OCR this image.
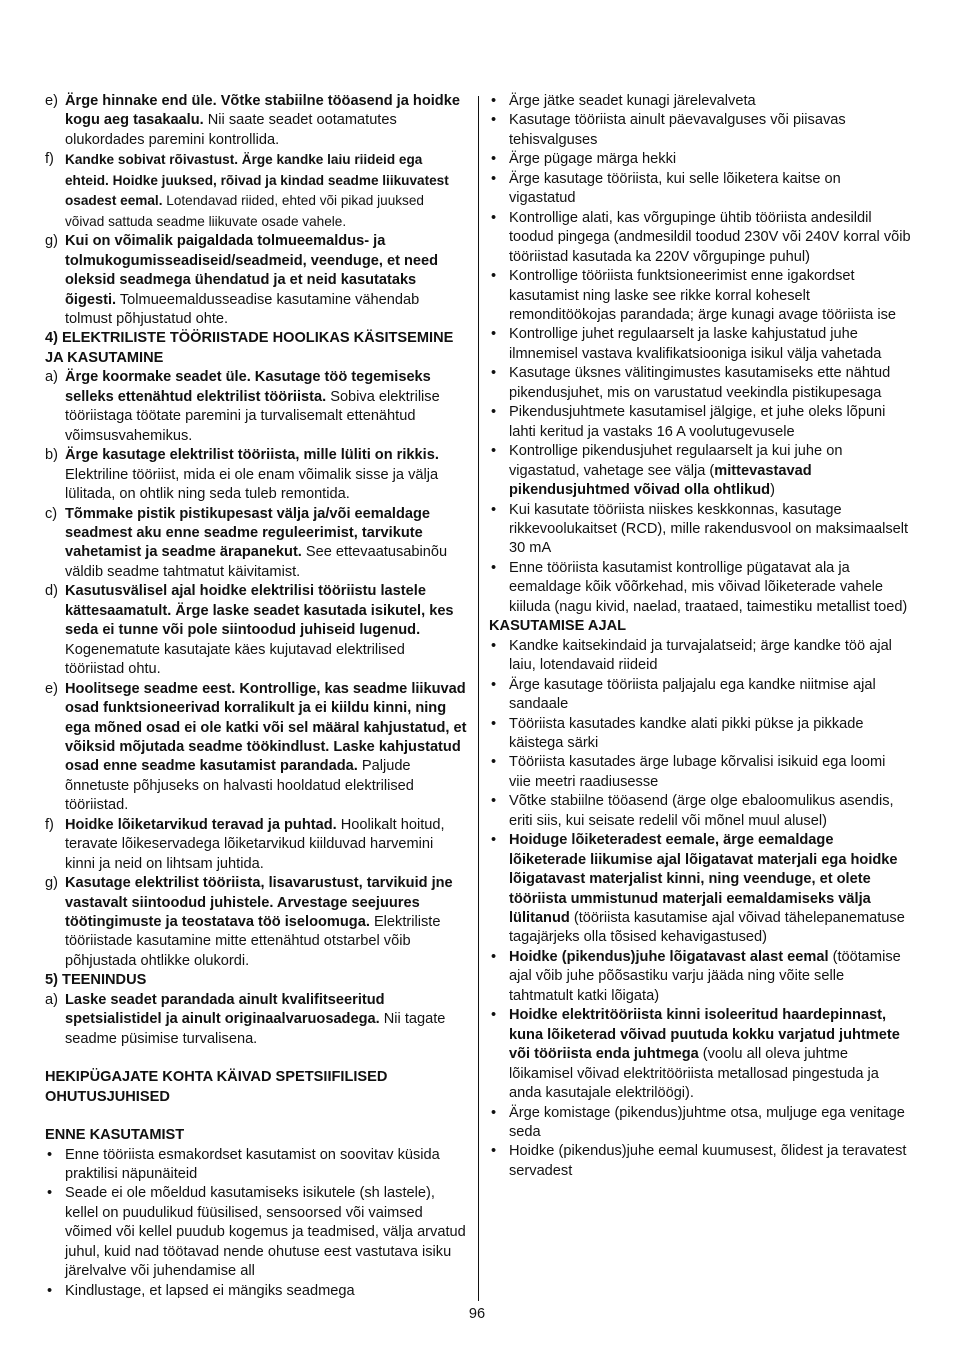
e) Ärge hinnake end üle. Võtke stabiilne tööasend ja hoidke kogu aeg tasakaalu. Nii saate seadet ootamatutes olukordades paremini kontrollida.
f) Kandke sobivat rõivastust. Ärge kandke laiu riideid ega ehteid. Hoidke juuksed, rõivad ja kindad seadme liikuvatest osadest eemal. Lotendavad riided, ehted või pikad juuksed võivad sattuda seadme liikuvate osade vahele.
g) Kui on võimalik paigaldada tolmueemaldus- ja tolmukogumisseadiseid/seadmeid, veenduge, et need oleksid seadmega ühendatud ja et neid kasutataks õigesti. Tolmueemaldusseadise kasutamine vähendab tolmust põhjustatud ohte.
4) ELEKTRILISTE TÖÖRIISTADE HOOLIKAS KÄSITSEMINE JA KASUTAMINE
a) Ärge koormake seadet üle. Kasutage töö tegemiseks selleks ettenähtud elektrilist tööriista. Sobiva elektrilise tööriistaga töötate paremini ja turvalisemalt ettenähtud võimsusvahemikus.
b) Ärge kasutage elektrilist tööriista, mille lüliti on rikkis. Elektriline tööriist, mida ei ole enam võimalik sisse ja välja lülitada, on ohtlik ning seda tuleb remontida.
c) Tõmmake pistik pistikupesast välja ja/või eemaldage seadmest aku enne seadme reguleerimist, tarvikute vahetamist ja seadme ärapanekut. See ettevaatusabinõu väldib seadme tahtmatut käivitamist.
d) Kasutusvälisel ajal hoidke elektrilisi tööriistu lastele kättesaamatult. Ärge laske seadet kasutada isikutel, kes seda ei tunne või pole siintoodud juhiseid lugenud. Kogenematute kasutajate käes kujutavad elektrilised tööriistad ohtu.
e) Hoolitsege seadme eest. Kontrollige, kas seadme liikuvad osad funktsioneerivad korralikult ja ei kiildu kinni, ning ega mõned osad ei ole katki või sel määral kahjustatud, et võiksid mõjutada seadme töökindlust. Laske kahjustatud osad enne seadme kasutamist parandada. Paljude õnnetuste põhjuseks on halvasti hooldatud elektrilised tööriistad.
f) Hoidke lõiketarvikud teravad ja puhtad. Hoolikalt hoitud, teravate lõikeservadega lõiketarvikud kiilduvad harvemini kinni ja neid on lihtsam juhtida.
g) Kasutage elektrilist tööriista, lisavarustust, tarvikuid jne vastavalt siintoodud juhistele. Arvestage seejuures töötingimuste ja teostatava töö iseloomuga. Elektriliste tööriistade kasutamine mitte ettenähtud otstarbel võib põhjustada ohtlikke olukordi.
5) TEENINDUS
a) Laske seadet parandada ainult kvalifitseeritud spetsialistidel ja ainult originaalvaruosadega. Nii tagate seadme püsimise turvalisena.
HEKIPÜGAJATE KOHTA KÄIVAD SPETSIIFILISED OHUTUSJUHISED
ENNE KASUTAMIST
• Enne tööriista esmakordset kasutamist on soovitav küsida praktilisi näpunäiteid
• Seade ei ole mõeldud kasutamiseks isikutele (sh lastele), kellel on puudulikud füüsilised, sensoorsed või vaimsed võimed või kellel puudub kogemus ja teadmised, välja arvatud juhul, kuid nad töötavad nende ohutuse eest vastutava isiku järelvalve või juhendamise all
• Kindlustage, et lapsed ei mängiks seadmega
• Ärge jätke seadet kunagi järelevalveta
• Kasutage tööriista ainult päevavalguses või piisavas tehisvalguses
• Ärge pügage märga hekki
• Ärge kasutage tööriista, kui selle lõiketera kaitse on vigastatud
• Kontrollige alati, kas võrgupinge ühtib tööriista andesildil toodud pingega (andmesildil toodud 230V või 240V korral võib tööriistad kasutada ka 220V võrgupinge puhul)
• Kontrollige tööriista funktsioneerimist enne igakordset kasutamist ning laske see rikke korral koheselt remonditöökojas parandada; ärge kunagi avage tööriista ise
• Kontrollige juhet regulaarselt ja laske kahjustatud juhe ilmnemisel vastava kvalifikatsiooniga isikul välja vahetada
• Kasutage üksnes välitingimustes kasutamiseks ette nähtud pikendusjuhet, mis on varustatud veekindla pistikupesaga
• Pikendusjuhtmete kasutamisel jälgige, et juhe oleks lõpuni lahti keritud ja vastaks 16 A voolutugevusele
• Kontrollige pikendusjuhet regulaarselt ja kui juhe on vigastatud, vahetage see välja (mittevastavad pikendusjuhtmed võivad olla ohtlikud)
• Kui kasutate tööriista niiskes keskkonnas, kasutage rikkevoolukaitset (RCD), mille rakendusvool on maksimaalselt 30 mA
• Enne tööriista kasutamist kontrollige pügatavat ala ja eemaldage kõik võõrkehad, mis võivad lõiketerade vahele kiiluda (nagu kivid, naelad, traataed, taimestiku metallist toed)
KASUTAMISE AJAL
• Kandke kaitsekindaid ja turvajalatseid; ärge kandke töö ajal laiu, lotendavaid riideid
• Ärge kasutage tööriista paljajalu ega kandke niitmise ajal sandaale
• Tööriista kasutades kandke alati pikki pükse ja pikkade käistega särki
• Tööriista kasutades ärge lubage kõrvalisi isikuid ega loomi viie meetri raadiusesse
• Võtke stabiilne tööasend (ärge olge ebaloomulikus asendis, eriti siis, kui seisate redelil või mõnel muul alusel)
• Hoiduge lõiketeradest eemale, ärge eemaldage lõiketerade liikumise ajal lõigatavat materjali ega hoidke lõigatavast materjalist kinni, ning veenduge, et olete tööriista ummistunud materjali eemaldamiseks välja lülitanud (tööriista kasutamise ajal võivad tähelepanematuse tagajärjeks olla tõsised kehavigastused)
• Hoidke (pikendus)juhe lõigatavast alast eemal (töötamise ajal võib juhe põõsastiku varju jääda ning võite selle tahtmatult katki lõigata)
• Hoidke elektritööriista kinni isoleeritud haardepinnast, kuna lõiketerad võivad puutuda kokku varjatud juhtmete või tööriista enda juhtmega (voolu all oleva juhtme lõikamisel võivad elektritööriista metallosad pingestuda ja anda kasutajale elektrilöögi).
• Ärge komistage (pikendus)juhtme otsa, muljuge ega venitage seda
• Hoidke (pikendus)juhe eemal kuumusest, õlidest ja teravatest servadest
96
